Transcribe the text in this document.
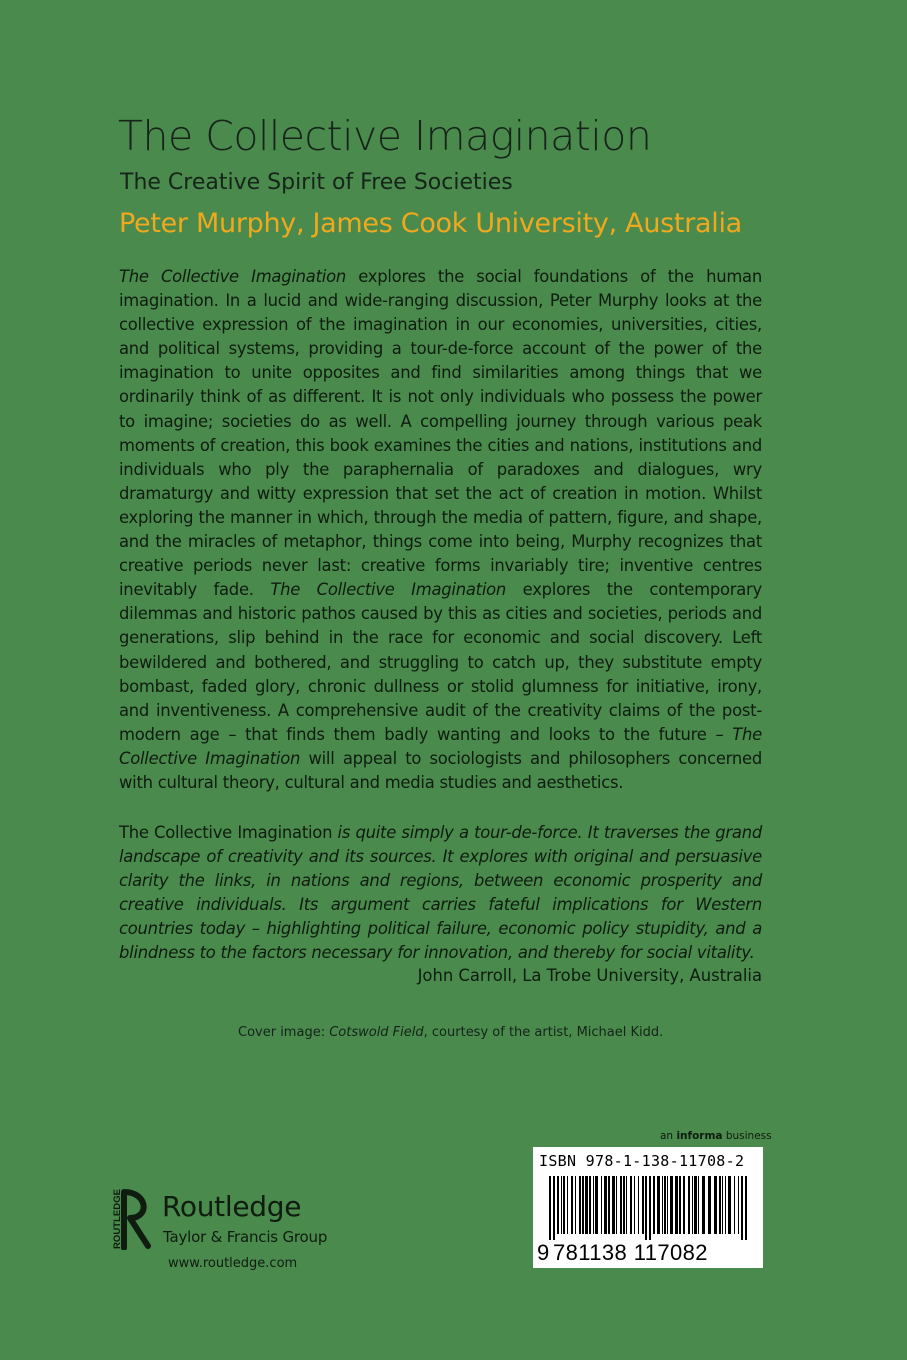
The Collective Imagination
The Creative Spirit of Free Societies
Peter Murphy, James Cook University, Australia
The Collective Imagination explores the social foundations of the human imagination. In a lucid and wide-ranging discussion, Peter Murphy looks at the collective expression of the imagination in our economies, universities, cities, and political systems, providing a tour-de-force account of the power of the imagination to unite opposites and find similarities among things that we ordinarily think of as different. It is not only individuals who possess the power to imagine; societies do as well. A compelling journey through various peak moments of creation, this book examines the cities and nations, institutions and individuals who ply the paraphernalia of paradoxes and dialogues, wry dramaturgy and witty expression that set the act of creation in motion. Whilst exploring the manner in which, through the media of pattern, figure, and shape, and the miracles of metaphor, things come into being, Murphy recognizes that creative periods never last: creative forms invariably tire; inventive centres inevitably fade. The Collective Imagination explores the contemporary dilemmas and historic pathos caused by this as cities and societies, periods and generations, slip behind in the race for economic and social discovery. Left bewildered and bothered, and struggling to catch up, they substitute empty bombast, faded glory, chronic dullness or stolid glumness for initiative, irony, and inventiveness. A comprehensive audit of the creativity claims of the post-modern age – that finds them badly wanting and looks to the future – The Collective Imagination will appeal to sociologists and philosophers concerned with cultural theory, cultural and media studies and aesthetics.
The Collective Imagination is quite simply a tour-de-force. It traverses the grand landscape of creativity and its sources. It explores with original and persuasive clarity the links, in nations and regions, between economic prosperity and creative individuals. Its argument carries fateful implications for Western countries today – highlighting political failure, economic policy stupidity, and a blindness to the factors necessary for innovation, and thereby for social vitality.
John Carroll, La Trobe University, Australia
Cover image: Cotswold Field, courtesy of the artist, Michael Kidd.
an informa business
ISBN 978-1-138-11708-2
9 781138 117082
ROUTLEDGE Routledge
Taylor & Francis Group
www.routledge.com
